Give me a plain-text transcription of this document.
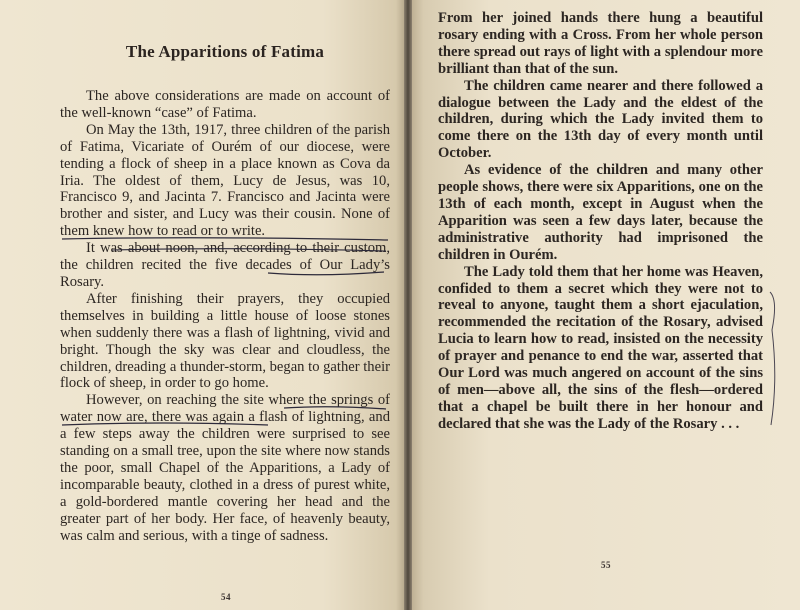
The Apparitions of Fatima

The above considerations are made on account of the well-known “case” of Fatima.

On May the 13th, 1917, three children of the parish of Fatima, Vicariate of Ourém of our diocese, were tending a flock of sheep in a place known as Cova da Iria. The oldest of them, Lucy de Jesus, was 10, Francisco 9, and Jacinta 7. Francisco and Jacinta were brother and sister, and Lucy was their cousin. None of them knew how to read or to write.

It was about noon, and, according to their custom, the children recited the five decades of Our Lady’s Rosary.

After finishing their prayers, they occupied themselves in building a little house of loose stones when suddenly there was a flash of lightning, vivid and bright. Though the sky was clear and cloudless, the children, dreading a thunder-storm, began to gather their flock of sheep, in order to go home.

However, on reaching the site where the springs of water now are, there was again a flash of lightning, and a few steps away the children were surprised to see standing on a small tree, upon the site where now stands the poor, small Chapel of the Apparitions, a Lady of incomparable beauty, clothed in a dress of purest white, a gold-bordered mantle covering her head and the greater part of her body. Her face, of heavenly beauty, was calm and serious, with a tinge of sadness.

54
55

From her joined hands there hung a beautiful rosary ending with a Cross. From her whole person there spread out rays of light with a splendour more brilliant than that of the sun.

The children came nearer and there followed a dialogue between the Lady and the eldest of the children, during which the Lady invited them to come there on the 13th day of every month until October.

As evidence of the children and many other people shows, there were six Apparitions, one on the 13th of each month, except in August when the Apparition was seen a few days later, because the administrative authority had imprisoned the children in Ourém.

The Lady told them that her home was Heaven, confided to them a secret which they were not to reveal to anyone, taught them a short ejaculation, recommended the recitation of the Rosary, advised Lucia to learn how to read, insisted on the necessity of prayer and penance to end the war, asserted that Our Lord was much angered on account of the sins of men—above all, the sins of the flesh—ordered that a chapel be built there in her honour and declared that she was the Lady of the Rosary . . .
